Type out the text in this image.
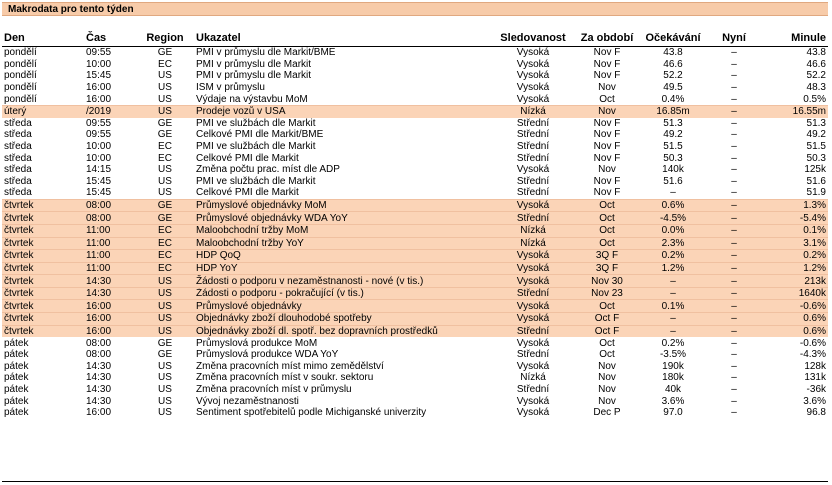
Makrodata pro tento týden
Den	Čas	Region	Ukazatel	Sledovanost	Za období	Očekávání	Nyní	Minule
pondělí	09:55	GE	PMI v průmyslu dle Markit/BME	Vysoká	Nov F	43.8	–	43.8
pondělí	10:00	EC	PMI v průmyslu dle Markit	Vysoká	Nov F	46.6	–	46.6
pondělí	15:45	US	PMI v průmyslu dle Markit	Vysoká	Nov F	52.2	–	52.2
pondělí	16:00	US	ISM v průmyslu	Vysoká	Nov	49.5	–	48.3
pondělí	16:00	US	Výdaje na výstavbu MoM	Vysoká	Oct	0.4%	–	0.5%
úterý	/2019	US	Prodeje vozů v USA	Nízká	Nov	16.85m	–	16.55m
středa	09:55	GE	PMI ve službách dle Markit	Střední	Nov F	51.3	–	51.3
středa	09:55	GE	Celkové PMI dle Markit/BME	Střední	Nov F	49.2	–	49.2
středa	10:00	EC	PMI ve službách dle Markit	Střední	Nov F	51.5	–	51.5
středa	10:00	EC	Celkové PMI dle Markit	Střední	Nov F	50.3	–	50.3
středa	14:15	US	Změna počtu prac. míst dle ADP	Vysoká	Nov	140k	–	125k
středa	15:45	US	PMI ve službách dle Markit	Střední	Nov F	51.6	–	51.6
středa	15:45	US	Celkové PMI dle Markit	Střední	Nov F	–	–	51.9
čtvrtek	08:00	GE	Průmyslové objednávky MoM	Vysoká	Oct	0.6%	–	1.3%
čtvrtek	08:00	GE	Průmyslové objednávky WDA YoY	Střední	Oct	-4.5%	–	-5.4%
čtvrtek	11:00	EC	Maloobchodní tržby MoM	Nízká	Oct	0.0%	–	0.1%
čtvrtek	11:00	EC	Maloobchodní tržby YoY	Nízká	Oct	2.3%	–	3.1%
čtvrtek	11:00	EC	HDP QoQ	Vysoká	3Q F	0.2%	–	0.2%
čtvrtek	11:00	EC	HDP YoY	Vysoká	3Q F	1.2%	–	1.2%
čtvrtek	14:30	US	Žádosti o podporu v nezaměstnanosti - nové (v tis.)	Vysoká	Nov 30	–	–	213k
čtvrtek	14:30	US	Žádosti o podporu - pokračující (v tis.)	Střední	Nov 23	–	–	1640k
čtvrtek	16:00	US	Průmyslové objednávky	Vysoká	Oct	0.1%	–	-0.6%
čtvrtek	16:00	US	Objednávky zboží dlouhodobé spotřeby	Vysoká	Oct F	–	–	0.6%
čtvrtek	16:00	US	Objednávky zboží dl. spotř. bez dopravních prostředků	Střední	Oct F	–	–	0.6%
pátek	08:00	GE	Průmyslová produkce MoM	Vysoká	Oct	0.2%	–	-0.6%
pátek	08:00	GE	Průmyslová produkce WDA YoY	Střední	Oct	-3.5%	–	-4.3%
pátek	14:30	US	Změna pracovních míst mimo zemědělství	Vysoká	Nov	190k	–	128k
pátek	14:30	US	Změna pracovních míst v soukr. sektoru	Nízká	Nov	180k	–	131k
pátek	14:30	US	Změna pracovních míst v průmyslu	Střední	Nov	40k	–	-36k
pátek	14:30	US	Vývoj nezaměstnanosti	Vysoká	Nov	3.6%	–	3.6%
pátek	16:00	US	Sentiment spotřebitelů podle Michiganské univerzity	Vysoká	Dec P	97.0	–	96.8
